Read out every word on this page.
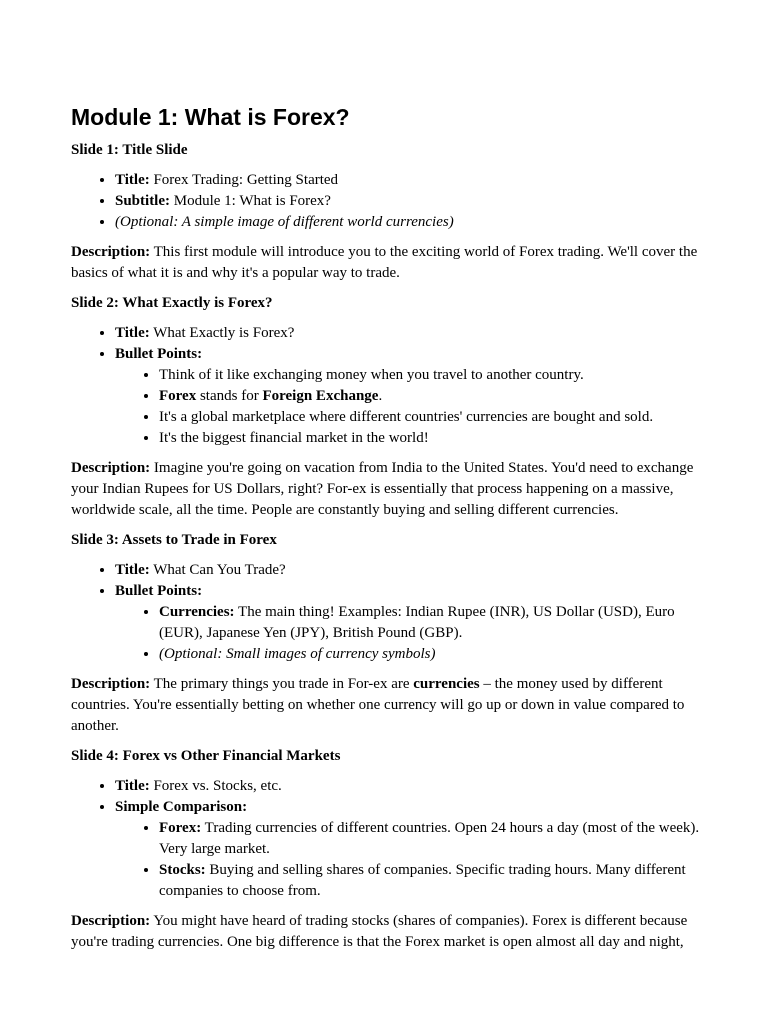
Module 1: What is Forex?
Slide 1: Title Slide
• Title: Forex Trading: Getting Started
• Subtitle: Module 1: What is Forex?
• (Optional: A simple image of different world currencies)

Description: This first module will introduce you to the exciting world of Forex trading. We'll cover the basics of what it is and why it's a popular way to trade.

Slide 2: What Exactly is Forex?
• Title: What Exactly is Forex?
• Bullet Points:
• Think of it like exchanging money when you travel to another country.
• Forex stands for Foreign Exchange.
• It's a global marketplace where different countries' currencies are bought and sold.
• It's the biggest financial market in the world!

Description: Imagine you're going on vacation from India to the United States. You'd need to exchange your Indian Rupees for US Dollars, right? For-ex is essentially that process happening on a massive, worldwide scale, all the time. People are constantly buying and selling different currencies.

Slide 3: Assets to Trade in Forex
• Title: What Can You Trade?
• Bullet Points:
• Currencies: The main thing! Examples: Indian Rupee (INR), US Dollar (USD), Euro (EUR), Japanese Yen (JPY), British Pound (GBP).
• (Optional: Small images of currency symbols)

Description: The primary things you trade in For-ex are currencies – the money used by different countries. You're essentially betting on whether one currency will go up or down in value compared to another.

Slide 4: Forex vs Other Financial Markets
• Title: Forex vs. Stocks, etc.
• Simple Comparison:
• Forex: Trading currencies of different countries. Open 24 hours a day (most of the week). Very large market.
• Stocks: Buying and selling shares of companies. Specific trading hours. Many different companies to choose from.

Description: You might have heard of trading stocks (shares of companies). Forex is different because you're trading currencies. One big difference is that the Forex market is open almost all day and night,
